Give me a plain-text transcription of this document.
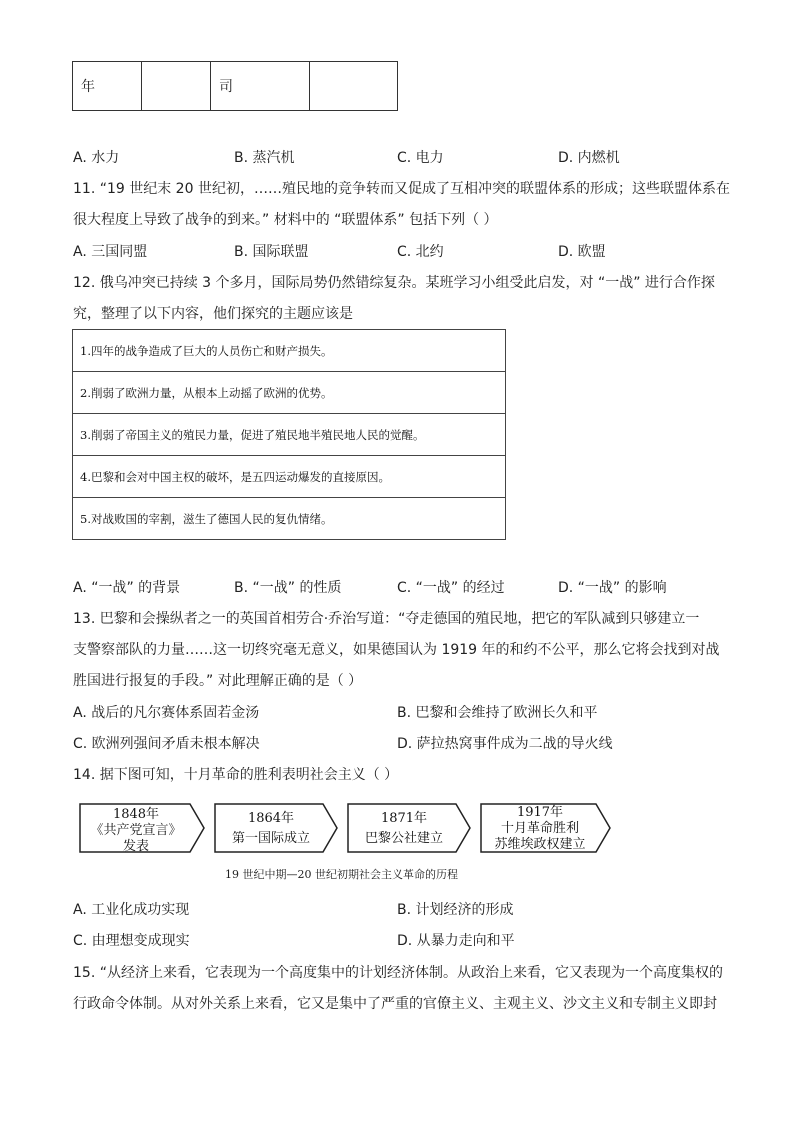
年		司	
A. 水力	B. 蒸汽机	C. 电力	D. 内燃机
11. “19 世纪末 20 世纪初，……殖民地的竞争转而又促成了互相冲突的联盟体系的形成；这些联盟体系在
很大程度上导致了战争的到来。” 材料中的 “联盟体系” 包括下列（ ）
A. 三国同盟	B. 国际联盟	C. 北约	D. 欧盟
12. 俄乌冲突已持续 3 个多月，国际局势仍然错综复杂。某班学习小组受此启发，对 “一战” 进行合作探
究，整理了以下内容，他们探究的主题应该是
1.四年的战争造成了巨大的人员伤亡和财产损失。
2.削弱了欧洲力量，从根本上动摇了欧洲的优势。
3.削弱了帝国主义的殖民力量，促进了殖民地半殖民地人民的觉醒。
4.巴黎和会对中国主权的破坏，是五四运动爆发的直接原因。
5.对战败国的宰割，滋生了德国人民的复仇情绪。
A. “一战” 的背景	B. “一战” 的性质	C. “一战” 的经过	D. “一战” 的影响
13. 巴黎和会操纵者之一的英国首相劳合·乔治写道：“夺走德国的殖民地，把它的军队减到只够建立一
支警察部队的力量……这一切终究毫无意义，如果德国认为 1919 年的和约不公平，那么它将会找到对战
胜国进行报复的手段。” 对此理解正确的是（ ）
A. 战后的凡尔赛体系固若金汤	B. 巴黎和会维持了欧洲长久和平
C. 欧洲列强间矛盾未根本解决	D. 萨拉热窝事件成为二战的导火线
14. 据下图可知，十月革命的胜利表明社会主义（ ）
1848年
《共产党宣言》
发表
1864年
第一国际成立
1871年
巴黎公社建立
1917年
十月革命胜利
苏维埃政权建立
19 世纪中期—20 世纪初期社会主义革命的历程
A. 工业化成功实现	B. 计划经济的形成
C. 由理想变成现实	D. 从暴力走向和平
15. “从经济上来看，它表现为一个高度集中的计划经济体制。从政治上来看，它又表现为一个高度集权的
行政命令体制。从对外关系上来看，它又是集中了严重的官僚主义、主观主义、沙文主义和专制主义即封
